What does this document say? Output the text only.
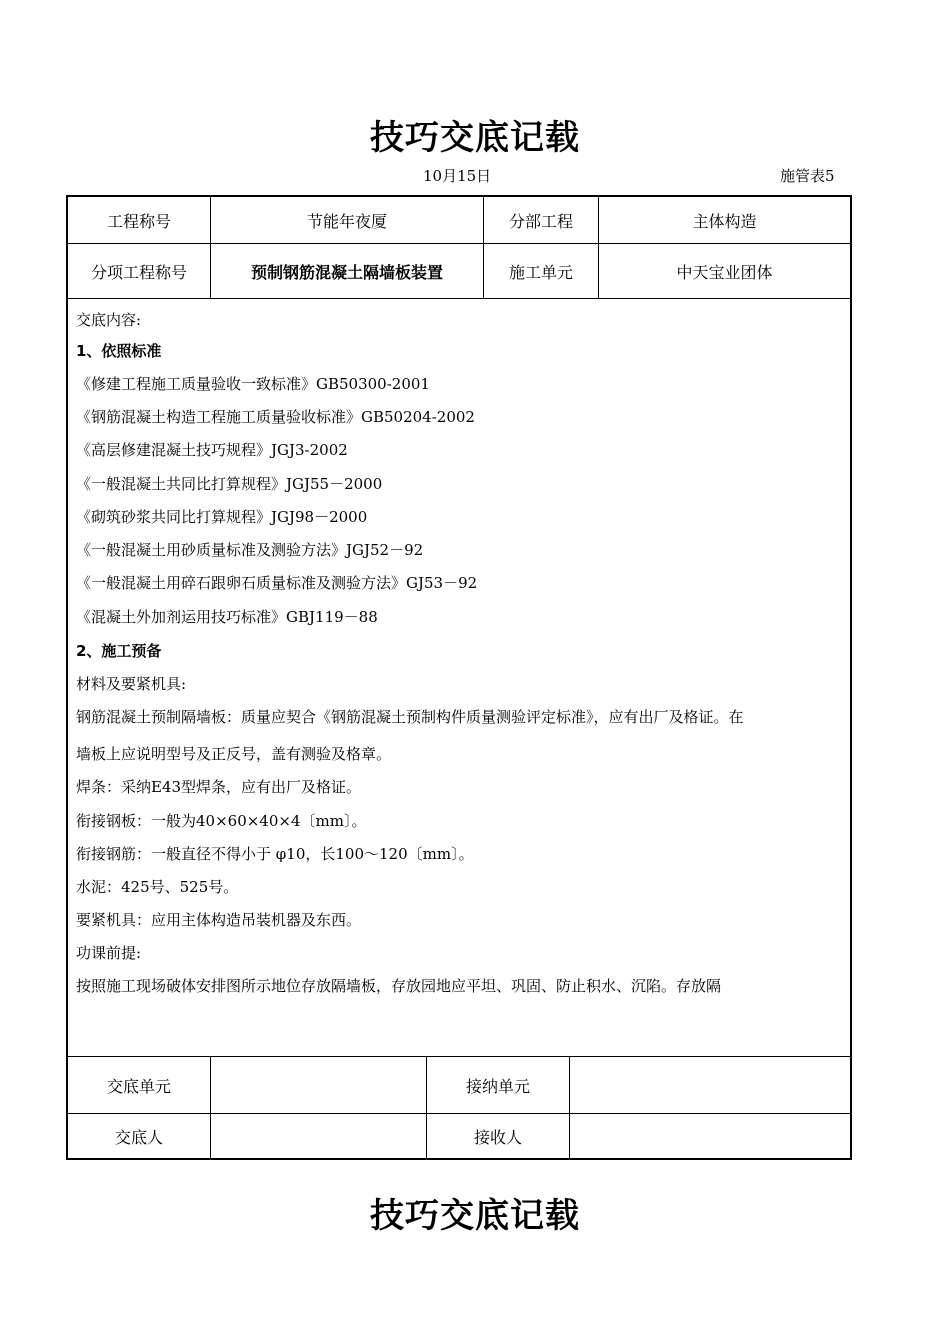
技巧交底记载
10月15日	施管表5
工程称号	节能年夜厦	分部工程	主体构造
分项工程称号	预制钢筋混凝土隔墙板装置	施工单元	中天宝业团体
交底内容:
1、依照标准
《修建工程施工质量验收一致标准》GB50300-2001
《钢筋混凝土构造工程施工质量验收标准》GB50204-2002
《高层修建混凝土技巧规程》JGJ3-2002
《一般混凝土共同比打算规程》JGJ55－2000
《砌筑砂浆共同比打算规程》JGJ98－2000
《一般混凝土用砂质量标准及测验方法》JGJ52－92
《一般混凝土用碎石跟卵石质量标准及测验方法》GJ53－92
《混凝土外加剂运用技巧标准》GBJ119－88
2、施工预备
材料及要紧机具:
钢筋混凝土预制隔墙板：质量应契合《钢筋混凝土预制构件质量测验评定标准》，应有出厂及格证。在
墙板上应说明型号及正反号，盖有测验及格章。
焊条：采纳E43型焊条，应有出厂及格证。
衔接钢板：一般为40×60×40×4〔mm〕。
衔接钢筋：一般直径不得小于 φ10，长100～120〔mm〕。
水泥：425号、525号。
要紧机具：应用主体构造吊装机器及东西。
功课前提:
按照施工现场破体安排图所示地位存放隔墙板，存放园地应平坦、巩固、防止积水、沉陷。存放隔
交底单元	接纳单元
交底人	接收人
技巧交底记载
